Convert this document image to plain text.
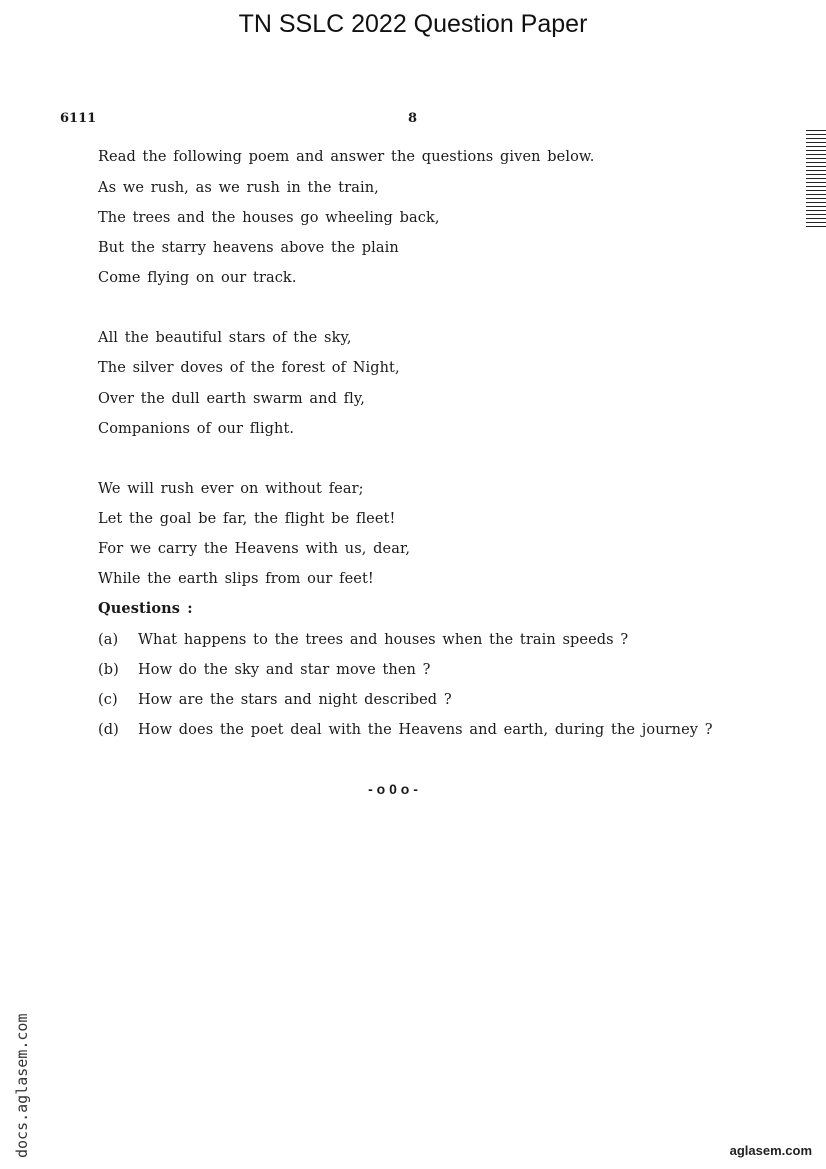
TN SSLC 2022 Question Paper
6111	8
Read the following poem and answer the questions given below.
As we rush, as we rush in the train,
The trees and the houses go wheeling back,
But the starry heavens above the plain
Come flying on our track.
All the beautiful stars of the sky,
The silver doves of the forest of Night,
Over the dull earth swarm and fly,
Companions of our flight.
We will rush ever on without fear;
Let the goal be far, the flight be fleet!
For we carry the Heavens with us, dear,
While the earth slips from our feet!
Questions :
(a) What happens to the trees and houses when the train speeds ?
(b) How do the sky and star move then ?
(c) How are the stars and night described ?
(d) How does the poet deal with the Heavens and earth, during the journey ?
- o 0 o -
docs.aglasem.com	aglasem.com
